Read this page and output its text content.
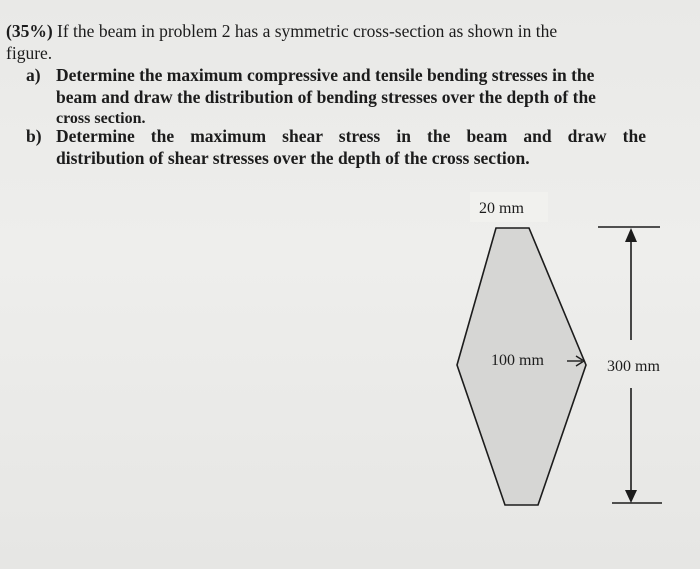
(35%) If the beam in problem 2 has a symmetric cross-section as shown in the
figure.
a) Determine the maximum compressive and tensile bending stresses in the
beam and draw the distribution of bending stresses over the depth of the
cross section.
b) Determine the maximum shear stress in the beam and draw the
distribution of shear stresses over the depth of the cross section.
20 mm
100 mm	300 mm
